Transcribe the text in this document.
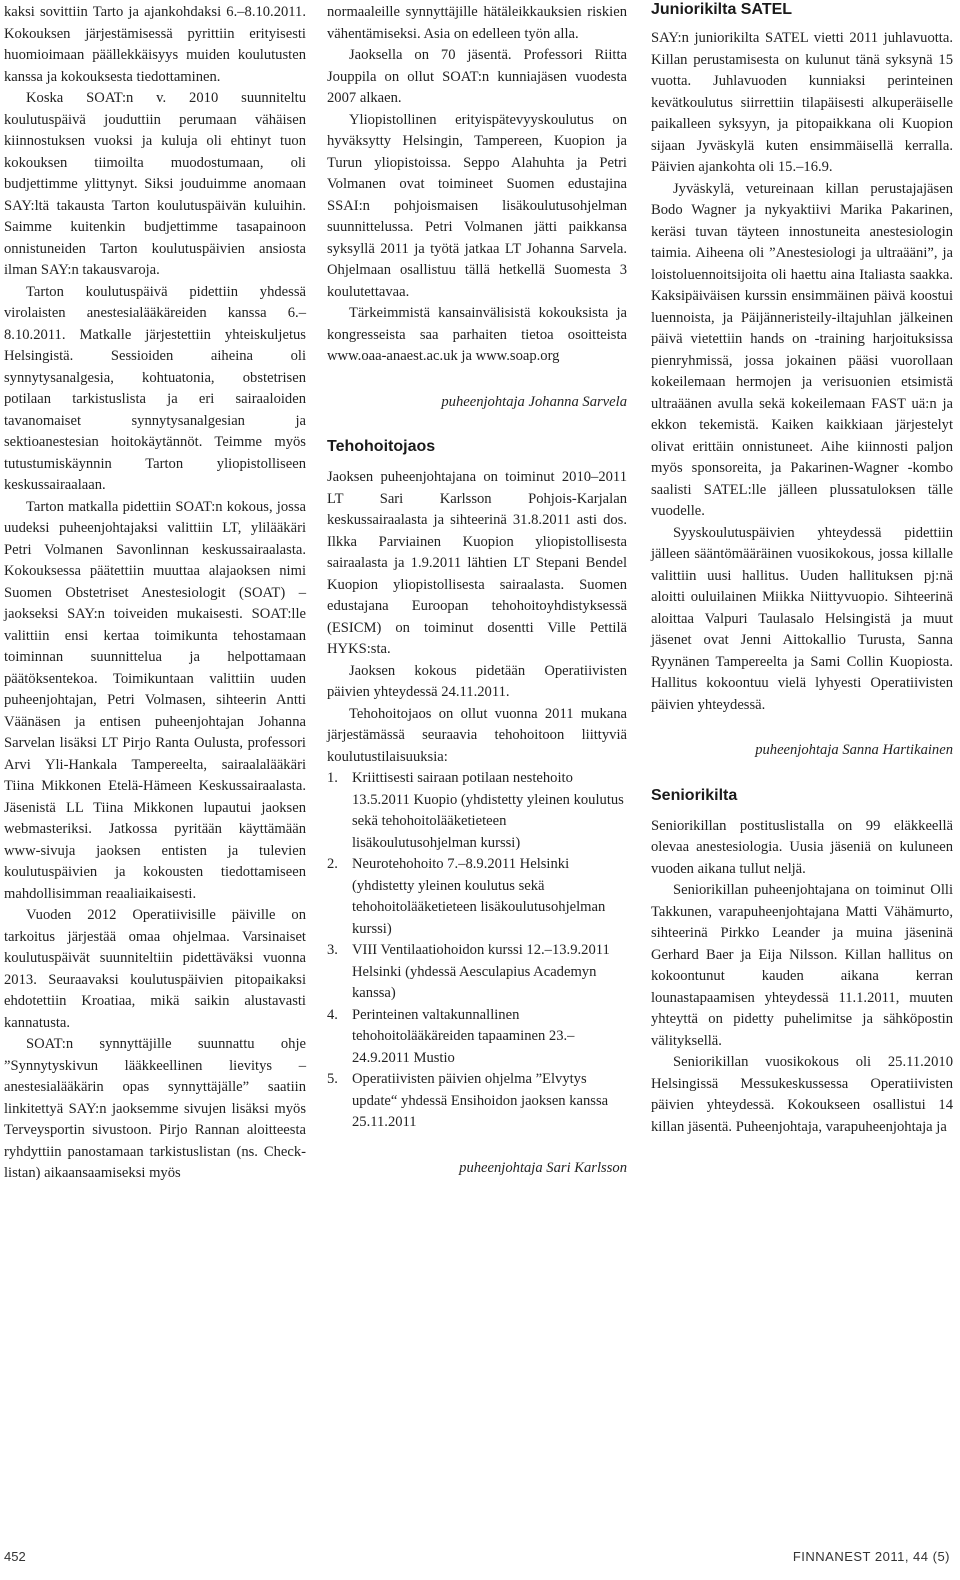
kaksi sovittiin Tarto ja ajankohdaksi 6.–8.10.2011. Kokouksen järjestämisessä pyrittiin erityisesti huomioimaan päällekkäisyys muiden koulutusten kanssa ja kokouksesta tiedottaminen.

Koska SOAT:n v. 2010 suunniteltu koulutuspäivä jouduttiin perumaan vähäisen kiinnostuksen vuoksi ja kuluja oli ehtinyt tuon kokouksen tiimoilta muodostumaan, oli budjettimme ylittynyt. Siksi jouduimme anomaan SAY:ltä takausta Tarton koulutuspäivän kuluihin. Saimme kuitenkin budjettimme tasapainoon onnistuneiden Tarton koulutuspäivien ansiosta ilman SAY:n takausvaroja.

Tarton koulutuspäivä pidettiin yhdessä virolaisten anestesialääkäreiden kanssa 6.–8.10.2011. Matkalle järjestettiin yhteiskuljetus Helsingistä. Sessioiden aiheina oli synnytysanalgesia, kohtuatonia, obstetrisen potilaan tarkistuslista ja eri sairaaloiden tavanomaiset synnytysanalgesian ja sektioanestesian hoitokäytännöt. Teimme myös tutustumiskäynnin Tarton yliopistolliseen keskussairaalaan.

Tarton matkalla pidettiin SOAT:n kokous, jossa uudeksi puheenjohtajaksi valittiin LT, ylilääkäri Petri Volmanen Savonlinnan keskussairaalasta. Kokouksessa päätettiin muuttaa alajaoksen nimi Suomen Obstetriset Anestesiologit (SOAT) – jaokseksi SAY:n toiveiden mukaisesti. SOAT:lle valittiin ensi kertaa toimikunta tehostamaan toiminnan suunnittelua ja helpottamaan päätöksentekoa. Toimikuntaan valittiin uuden puheenjohtajan, Petri Volmasen, sihteerin Antti Väänäsen ja entisen puheenjohtajan Johanna Sarvelan lisäksi LT Pirjo Ranta Oulusta, professori Arvi Yli-Hankala Tampereelta, sairaalalääkäri Tiina Mikkonen Etelä-Hämeen Keskussairaalasta. Jäsenistä LL Tiina Mikkonen lupautui jaoksen webmasteriksi. Jatkossa pyritään käyttämään www-sivuja jaoksen entisten ja tulevien koulutuspäivien ja kokousten tiedottamiseen mahdollisimman reaaliaikaisesti.

Vuoden 2012 Operatiivisille päiville on tarkoitus järjestää omaa ohjelmaa. Varsinaiset koulutuspäivät suunniteltiin pidettäväksi vuonna 2013. Seuraavaksi koulutuspäivien pitopaikaksi ehdotettiin Kroatiaa, mikä saikin alustavasti kannatusta.

SOAT:n synnyttäjille suunnattu ohje ”Synnytyskivun lääkkeellinen lievitys – anestesialääkärin opas synnyttäjälle” saatiin linkitettyä SAY:n jaoksemme sivujen lisäksi myös Terveysportin sivustoon. Pirjo Rannan aloitteesta ryhdyttiin panostamaan tarkistuslistan (ns. Check-listan) aikaansaamiseksi myös

normaaleille synnyttäjille hätäleikkauksien riskien vähentämiseksi. Asia on edelleen työn alla.

Jaoksella on 70 jäsentä. Professori Riitta Jouppila on ollut SOAT:n kunniajäsen vuodesta 2007 alkaen.

Yliopistollinen erityispätevyyskoulutus on hyväksytty Helsingin, Tampereen, Kuopion ja Turun yliopistoissa. Seppo Alahuhta ja Petri Volmanen ovat toimineet Suomen edustajina SSAI:n pohjoismaisen lisäkoulutusohjelman suunnittelussa. Petri Volmanen jätti paikkansa syksyllä 2011 ja työtä jatkaa LT Johanna Sarvela. Ohjelmaan osallistuu tällä hetkellä Suomesta 3 koulutettavaa.

Tärkeimmistä kansainvälisistä kokouksista ja kongresseista saa parhaiten tietoa osoitteista www.oaa-anaest.ac.uk ja www.soap.org

puheenjohtaja Johanna Sarvela

Tehohoitojaos

Jaoksen puheenjohtajana on toiminut 2010–2011 LT Sari Karlsson Pohjois-Karjalan keskussairaalasta ja sihteerinä 31.8.2011 asti dos. Ilkka Parviainen Kuopion yliopistollisesta sairaalasta ja 1.9.2011 lähtien LT Stepani Bendel Kuopion yliopistollisesta sairaalasta. Suomen edustajana Euroopan tehohoitoyhdistyksessä (ESICM) on toiminut dosentti Ville Pettilä HYKS:sta.

Jaoksen kokous pidetään Operatiivisten päivien yhteydessä 24.11.2011.

Tehohoitojaos on ollut vuonna 2011 mukana järjestämässä seuraavia tehohoitoon liittyviä koulutustilaisuuksia:

1. Kriittisesti sairaan potilaan nestehoito 13.5.2011 Kuopio (yhdistetty yleinen koulutus sekä tehohoitolääketieteen lisäkoulutusohjelman kurssi)
2. Neurotehohoito 7.–8.9.2011 Helsinki (yhdistetty yleinen koulutus sekä tehohoitolääketieteen lisäkoulutusohjelman kurssi)
3. VIII Ventilaatiohoidon kurssi 12.–13.9.2011 Helsinki (yhdessä Aesculapius Academyn kanssa)
4. Perinteinen valtakunnallinen tehohoitolääkäreiden tapaaminen 23.–24.9.2011 Mustio
5. Operatiivisten päivien ohjelma ”Elvytys update“ yhdessä Ensihoidon jaoksen kanssa 25.11.2011

puheenjohtaja Sari Karlsson

Juniorikilta SATEL

SAY:n juniorikilta SATEL vietti 2011 juhlavuotta. Killan perustamisesta on kulunut tänä syksynä 15 vuotta. Juhlavuoden kunniaksi perinteinen kevätkoulutus siirrettiin tilapäisesti alkuperäiselle paikalleen syksyyn, ja pitopaikkana oli Kuopion sijaan Jyväskylä kuten ensimmäisellä kerralla. Päivien ajankohta oli 15.–16.9.

Jyväskylä, vetureinaan killan perustajajäsen Bodo Wagner ja nykyaktiivi Marika Pakarinen, keräsi tuvan täyteen innostuneita anestesiologin taimia. Aiheena oli ”Anestesiologi ja ultraääni”, ja loistoluennoitsijoita oli haettu aina Italiasta saakka. Kaksipäiväisen kurssin ensimmäinen päivä koostui luennoista, ja Päijänneristeily-iltajuhlan jälkeinen päivä vietettiin hands on -training harjoituksissa pienryhmissä, jossa jokainen pääsi vuorollaan kokeilemaan hermojen ja verisuonien etsimistä ultraäänen avulla sekä kokeilemaan FAST uä:n ja ekkon tekemistä. Kaiken kaikkiaan järjestelyt olivat erittäin onnistuneet. Aihe kiinnosti paljon myös sponsoreita, ja Pakarinen-Wagner -kombo saalisti SATEL:lle jälleen plussatuloksen tälle vuodelle.

Syyskoulutuspäivien yhteydessä pidettiin jälleen sääntömääräinen vuosikokous, jossa killalle valittiin uusi hallitus. Uuden hallituksen pj:nä aloitti ouluilainen Miikka Niittyvuopio. Sihteerinä aloittaa Valpuri Taulasalo Helsingistä ja muut jäsenet ovat Jenni Aittokallio Turusta, Sanna Ryynänen Tampereelta ja Sami Collin Kuopiosta. Hallitus kokoontuu vielä lyhyesti Operatiivisten päivien yhteydessä.

puheenjohtaja Sanna Hartikainen

Seniorikilta

Seniorikillan postituslistalla on 99 eläkkeellä olevaa anestesiologia. Uusia jäseniä on kuluneen vuoden aikana tullut neljä.

Seniorikillan puheenjohtajana on toiminut Olli Takkunen, varapuheenjohtajana Matti Vähämurto, sihteerinä Pirkko Leander ja muina jäseninä Gerhard Baer ja Eija Nilsson. Killan hallitus on kokoontunut kauden aikana kerran lounastapaamisen yhteydessä 11.1.2011, muuten yhteyttä on pidetty puhelimitse ja sähköpostin välityksellä.

Seniorikillan vuosikokous oli 25.11.2010 Helsingissä Messukeskussessa Operatiivisten päivien yhteydessä. Kokoukseen osallistui 14 killan jäsentä. Puheenjohtaja, varapuheenjohtaja ja

452	FINNANEST 2011, 44 (5)
